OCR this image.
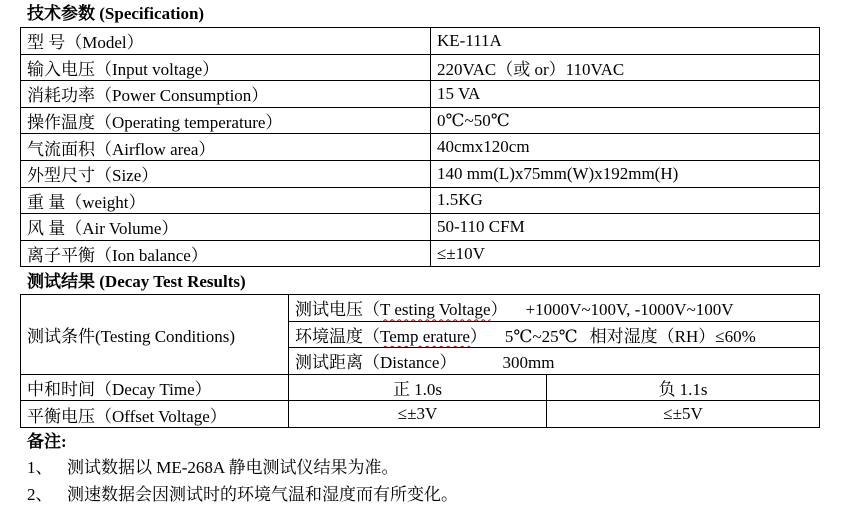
技术参数 (Specification)
型 号（Model）	KE-111A
输入电压（Input voltage）	220VAC（或 or）110VAC
消耗功率（Power Consumption）	15 VA
操作温度（Operating temperature）	0℃~50℃
气流面积（Airflow area）	40cmx120cm
外型尺寸（Size）	140 mm(L)x75mm(W)x192mm(H)
重 量（weight）	1.5KG
风 量（Air Volume）	50-110 CFM
离子平衡（Ion balance）	≤±10V
测试结果 (Decay Test Results)
测试条件(Testing Conditions)	测试电压（T esting Voltage） +1000V~100V, -1000V~100V	
	环境温度（Temp erature） 5℃~25℃ 相对湿度（RH）≤60%	
	测试距离（Distance） 300mm	
中和时间（Decay Time）	正 1.0s	负 1.1s
平衡电压（Offset Voltage）	≤±3V	≤±5V
备注:
1、 测试数据以 ME-268A 静电测试仪结果为准。
2、 测速数据会因测试时的环境气温和湿度而有所变化。
